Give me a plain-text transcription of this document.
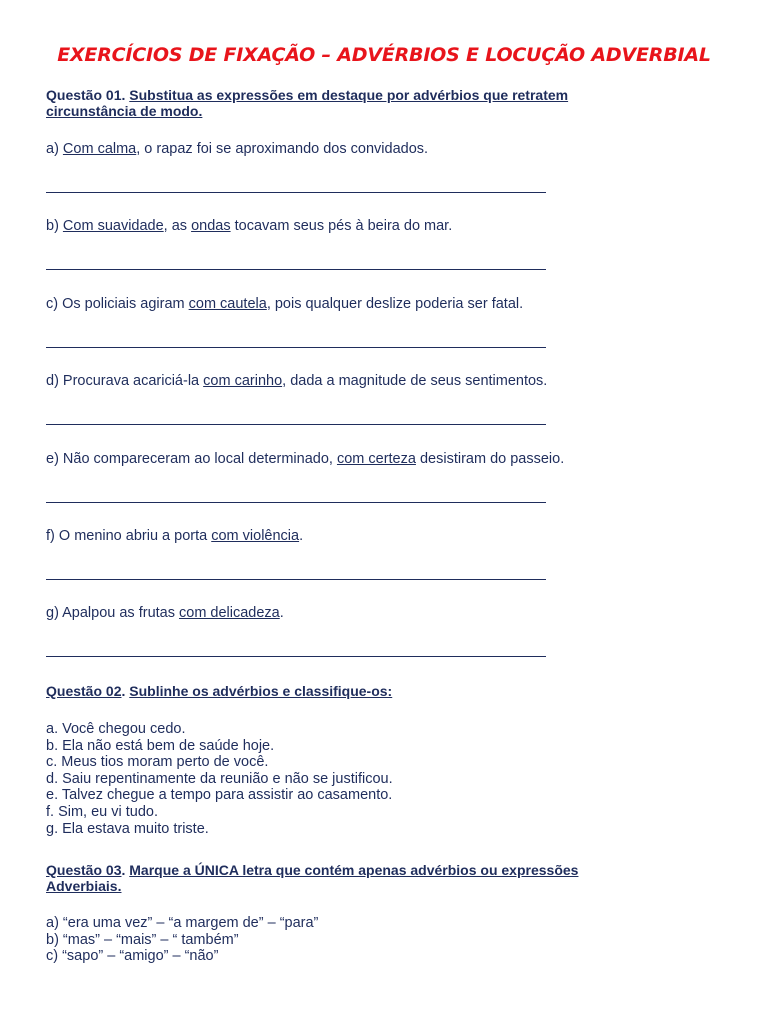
EXERCÍCIOS DE FIXAÇÃO – ADVÉRBIOS E LOCUÇÃO ADVERBIAL
Questão 01. Substitua as expressões em destaque por advérbios que retratem
circunstância de modo.
a) Com calma, o rapaz foi se aproximando dos convidados.
b) Com suavidade, as ondas tocavam seus pés à beira do mar.
c) Os policiais agiram com cautela, pois qualquer deslize poderia ser fatal.
d) Procurava acariciá-la com carinho, dada a magnitude de seus sentimentos.
e) Não compareceram ao local determinado, com certeza desistiram do passeio.
f) O menino abriu a porta com violência.
g) Apalpou as frutas com delicadeza.
Questão 02. Sublinhe os advérbios e classifique-os:
a. Você chegou cedo.
b. Ela não está bem de saúde hoje.
c. Meus tios moram perto de você.
d. Saiu repentinamente da reunião e não se justificou.
e. Talvez chegue a tempo para assistir ao casamento.
f. Sim, eu vi tudo.
g. Ela estava muito triste.
Questão 03. Marque a ÚNICA letra que contém apenas advérbios ou expressões
Adverbiais.
a) “era uma vez” – “a margem de” – “para”
b) “mas” – “mais” – “ também”
c) “sapo” – “amigo” – “não”
